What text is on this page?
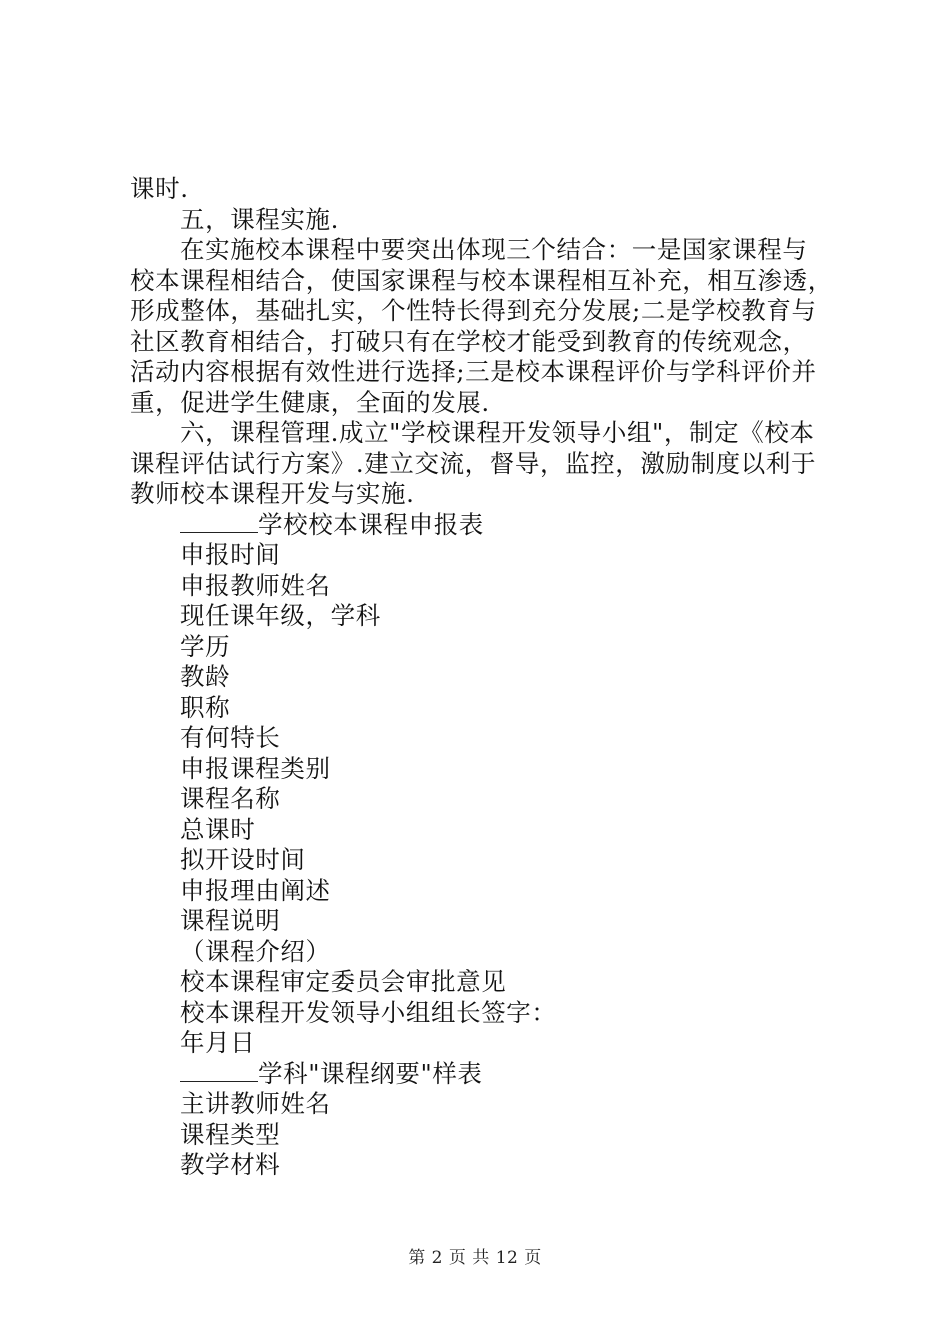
课时.
五，课程实施.
在实施校本课程中要突出体现三个结合：一是国家课程与
校本课程相结合，使国家课程与校本课程相互补充，相互渗透，
形成整体，基础扎实，个性特长得到充分发展;二是学校教育与
社区教育相结合，打破只有在学校才能受到教育的传统观念，
活动内容根据有效性进行选择;三是校本课程评价与学科评价并
重，促进学生健康，全面的发展.
六，课程管理.成立"学校课程开发领导小组"，制定《校本
课程评估试行方案》.建立交流，督导，监控，激励制度以利于
教师校本课程开发与实施.
学校校本课程申报表
申报时间
申报教师姓名
现任课年级，学科
学历
教龄
职称
有何特长
申报课程类别
课程名称
总课时
拟开设时间
申报理由阐述
课程说明
（课程介绍）
校本课程审定委员会审批意见
校本课程开发领导小组组长签字：
年月日
学科"课程纲要"样表
主讲教师姓名
课程类型
教学材料
第 2 页 共 12 页
